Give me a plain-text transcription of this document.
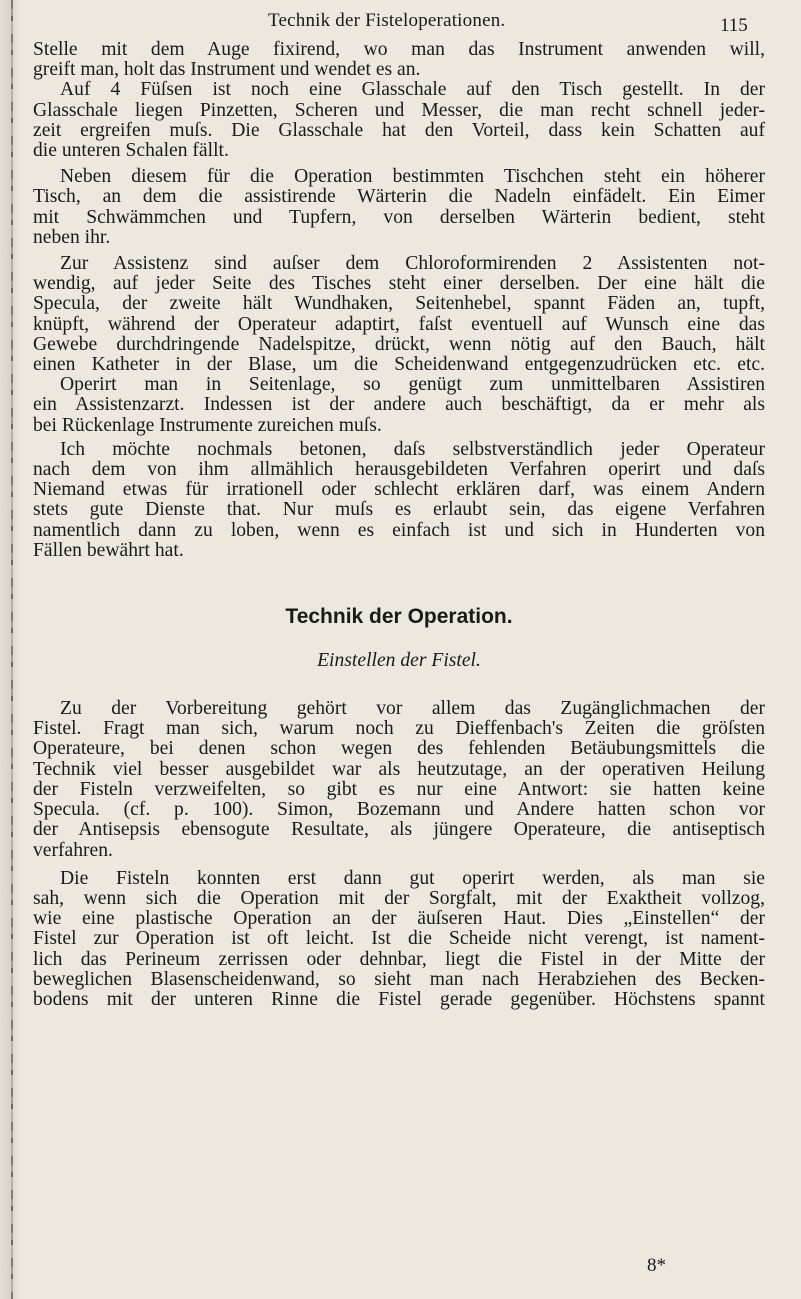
Technik der Fisteloperationen.	115
Stelle mit dem Auge fixirend, wo man das Instrument anwenden will,
greift man, holt das Instrument und wendet es an.
Auf 4 Füſsen ist noch eine Glasschale auf den Tisch gestellt. In der
Glasschale liegen Pinzetten, Scheren und Messer, die man recht schnell jeder-
zeit ergreifen muſs. Die Glasschale hat den Vorteil, dass kein Schatten auf
die unteren Schalen fällt.
Neben diesem für die Operation bestimmten Tischchen steht ein höherer
Tisch, an dem die assistirende Wärterin die Nadeln einfädelt. Ein Eimer
mit Schwämmchen und Tupfern, von derselben Wärterin bedient, steht
neben ihr.
Zur Assistenz sind auſser dem Chloroformirenden 2 Assistenten not-
wendig, auf jeder Seite des Tisches steht einer derselben. Der eine hält die
Specula, der zweite hält Wundhaken, Seitenhebel, spannt Fäden an, tupft,
knüpft, während der Operateur adaptirt, faſst eventuell auf Wunsch eine das
Gewebe durchdringende Nadelspitze, drückt, wenn nötig auf den Bauch, hält
einen Katheter in der Blase, um die Scheidenwand entgegenzudrücken etc. etc.
Operirt man in Seitenlage, so genügt zum unmittelbaren Assistiren
ein Assistenzarzt. Indessen ist der andere auch beschäftigt, da er mehr als
bei Rückenlage Instrumente zureichen muſs.
Ich möchte nochmals betonen, daſs selbstverständlich jeder Operateur
nach dem von ihm allmählich herausgebildeten Verfahren operirt und daſs
Niemand etwas für irrationell oder schlecht erklären darf, was einem Andern
stets gute Dienste that. Nur muſs es erlaubt sein, das eigene Verfahren
namentlich dann zu loben, wenn es einfach ist und sich in Hunderten von
Fällen bewährt hat.
Technik der Operation.
Einstellen der Fistel.
Zu der Vorbereitung gehört vor allem das Zugänglichmachen der
Fistel. Fragt man sich, warum noch zu Dieffenbach's Zeiten die gröſsten
Operateure, bei denen schon wegen des fehlenden Betäubungsmittels die
Technik viel besser ausgebildet war als heutzutage, an der operativen Heilung
der Fisteln verzweifelten, so gibt es nur eine Antwort: sie hatten keine
Specula. (cf. p. 100). Simon, Bozemann und Andere hatten schon vor
der Antisepsis ebensogute Resultate, als jüngere Operateure, die antiseptisch
verfahren.
Die Fisteln konnten erst dann gut operirt werden, als man sie
sah, wenn sich die Operation mit der Sorgfalt, mit der Exaktheit vollzog,
wie eine plastische Operation an der äuſseren Haut. Dies „Einstellen“ der
Fistel zur Operation ist oft leicht. Ist die Scheide nicht verengt, ist nament-
lich das Perineum zerrissen oder dehnbar, liegt die Fistel in der Mitte der
beweglichen Blasenscheidenwand, so sieht man nach Herabziehen des Becken-
bodens mit der unteren Rinne die Fistel gerade gegenüber. Höchstens spannt
8*
